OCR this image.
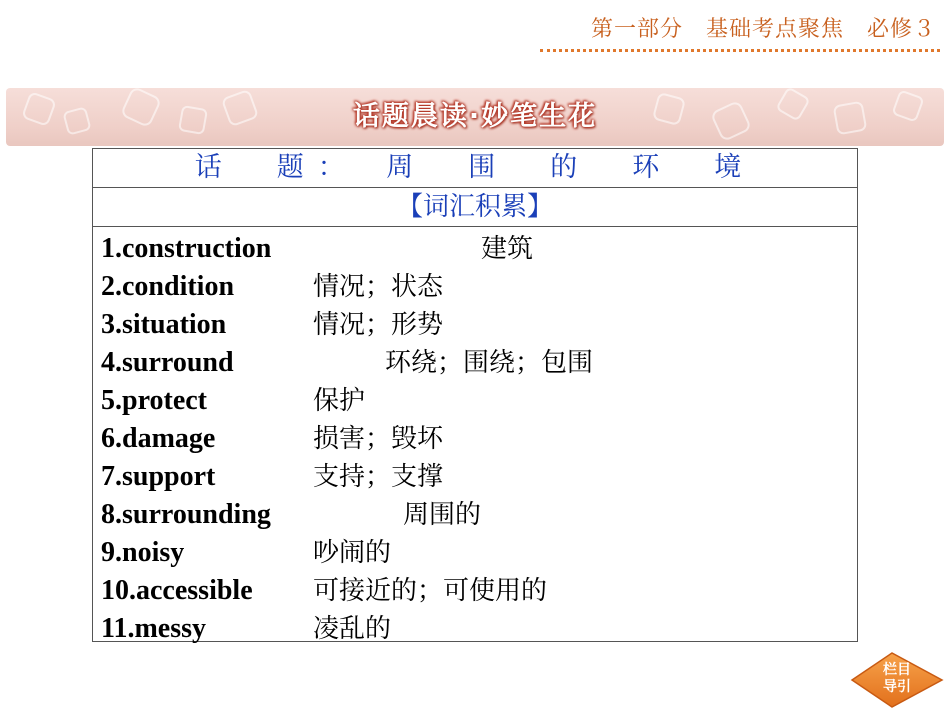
第一部分　基础考点聚焦　必修３
话题晨读·妙笔生花
话　题：　周　围　的　环　境
【词汇积累】
1.construction	建筑
2.condition	情况；状态
3.situation	情况；形势
4.surround	环绕；围绕；包围
5.protect	保护
6.damage	损害；毁坏
7.support	支持；支撑
8.surrounding	周围的
9.noisy	吵闹的
10.accessible 可接近的；可使用的
11.messy	凌乱的
栏目
导引
